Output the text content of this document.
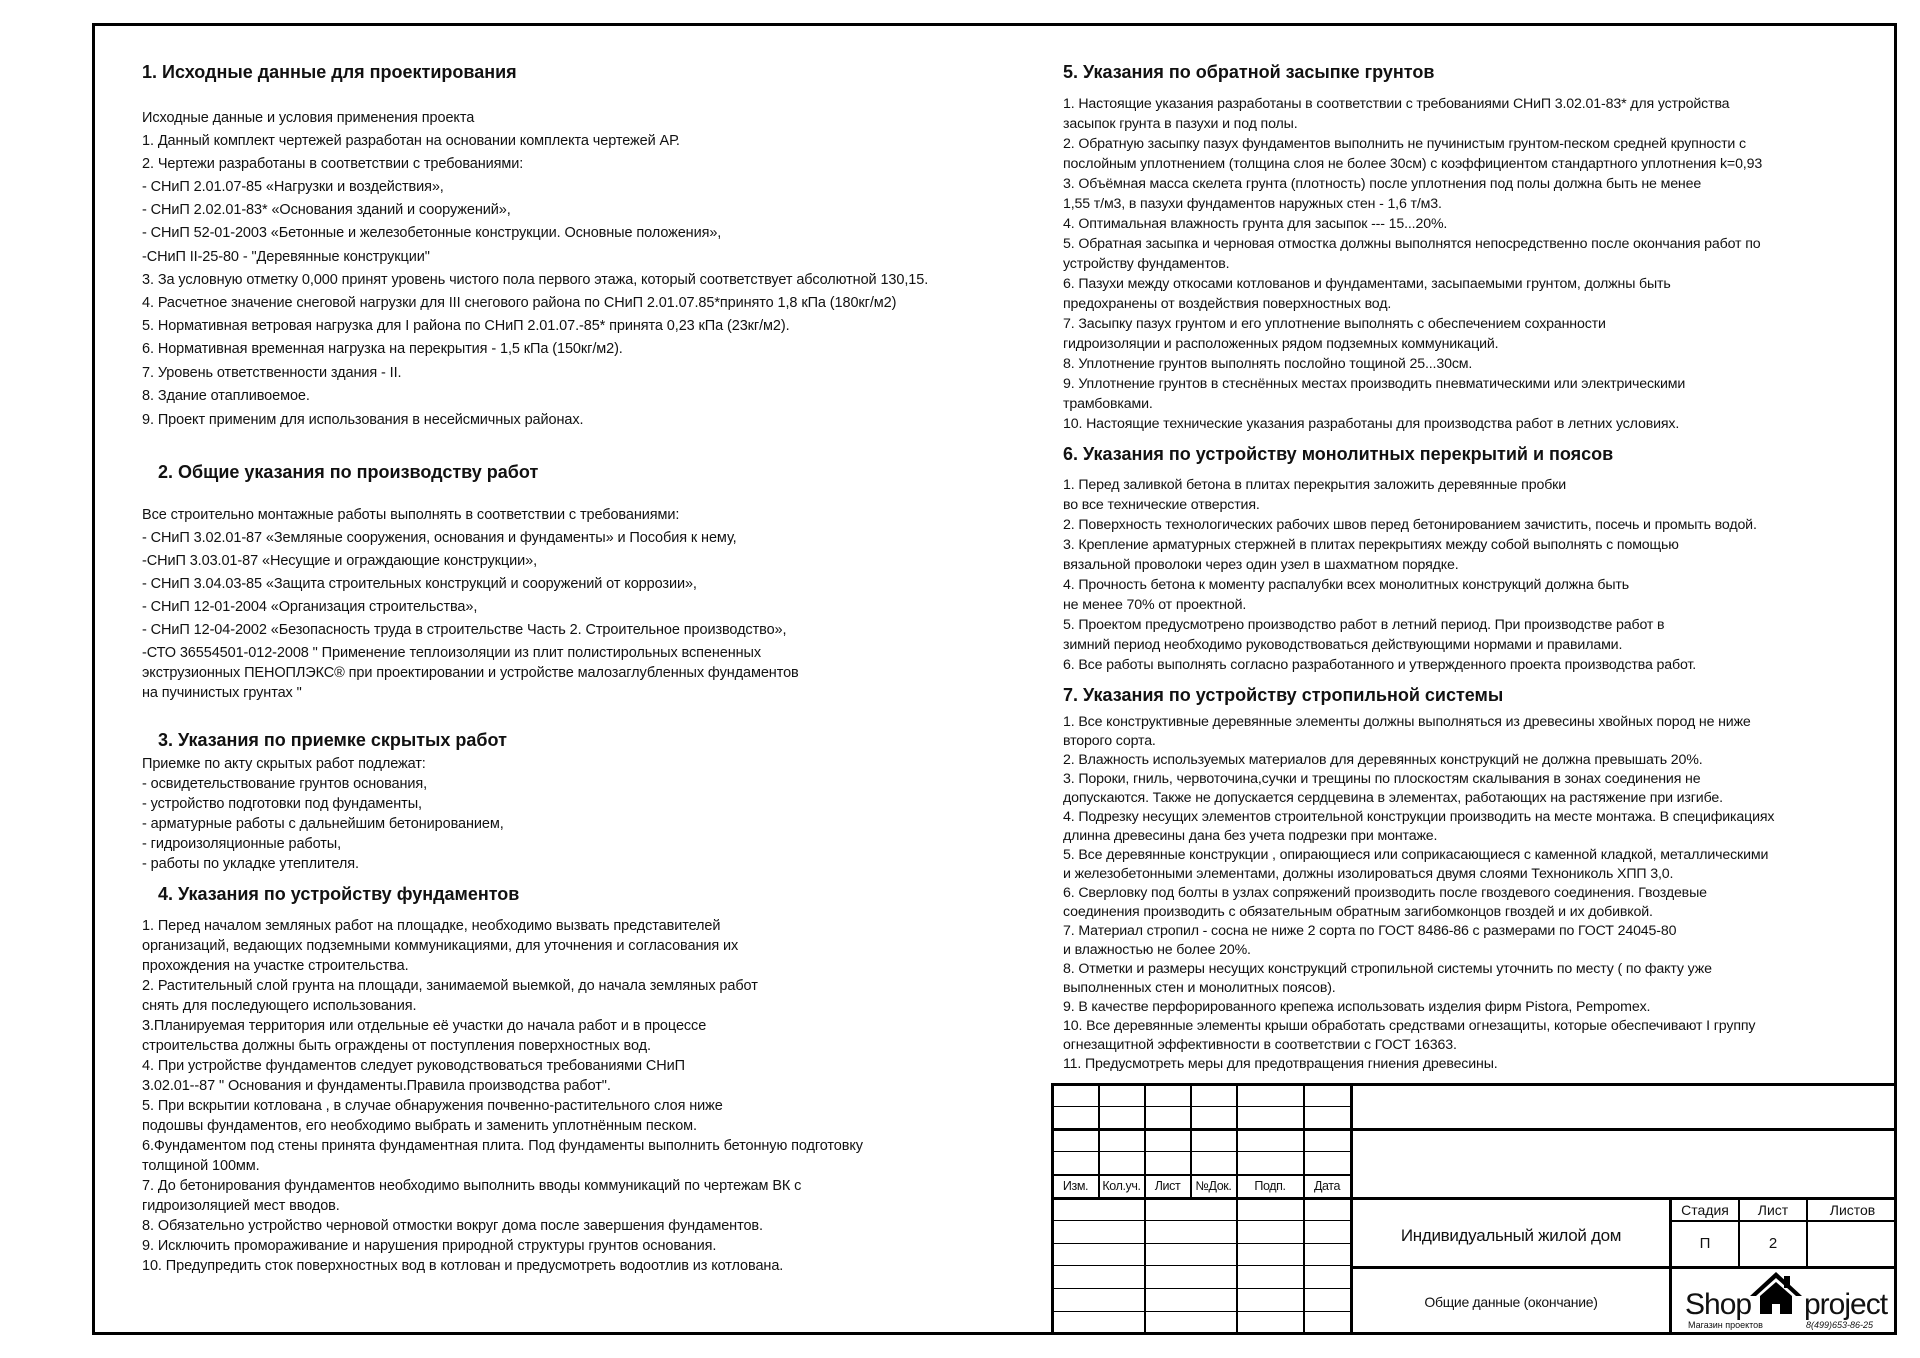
1. Исходные данные для проектирования
Исходные данные и условия применения проекта
1. Данный комплект чертежей разработан на основании комплекта чертежей АР.
2. Чертежи разработаны в соответствии с требованиями:
- СНиП 2.01.07-85 «Нагрузки и воздействия»,
- СНиП 2.02.01-83* «Основания зданий и сооружений»,
- СНиП 52-01-2003 «Бетонные и железобетонные конструкции. Основные положения»,
-СНиП II-25-80 - "Деревянные конструкции"
3. За условную отметку 0,000 принят уровень чистого пола первого этажа, который соответствует абсолютной 130,15.
4. Расчетное значение снеговой нагрузки для III снегового района по СНиП 2.01.07.85*принято 1,8 кПа (180кг/м2)
5. Нормативная ветровая нагрузка для I района по СНиП 2.01.07.-85* принята 0,23 кПа (23кг/м2).
6. Нормативная временная нагрузка на перекрытия - 1,5 кПа (150кг/м2).
7. Уровень ответственности здания - II.
8. Здание отапливоемое.
9. Проект применим для использования в несейсмичных районах.
2. Общие указания по производству работ
Все строительно монтажные работы выполнять в соответствии с требованиями:
- СНиП 3.02.01-87 «Земляные сооружения, основания и фундаменты» и Пособия к нему,
-СНиП 3.03.01-87 «Несущие и ограждающие конструкции»,
- СНиП 3.04.03-85 «Защита строительных конструкций и сооружений от коррозии»,
- СНиП 12-01-2004 «Организация строительства»,
- СНиП 12-04-2002 «Безопасность труда в строительстве Часть 2. Строительное производство»,
-СТО 36554501-012-2008 " Применение теплоизоляции из плит полистирольных вспененных
экструзионных ПЕНОПЛЭКС® при проектировании и устройстве малозаглубленных фундаментов
на пучинистых грунтах "
3. Указания по приемке скрытых работ
Приемке по акту скрытых работ подлежат:
- освидетельствование грунтов основания,
- устройство подготовки под фундаменты,
- арматурные работы с дальнейшим бетонированием,
- гидроизоляционные работы,
- работы по укладке утеплителя.
4. Указания по устройству фундаментов
1. Перед началом земляных работ на площадке, необходимо вызвать представителей
организаций, ведающих подземными коммуникациями, для уточнения и согласования их
прохождения на участке строительства.
2. Растительный слой грунта на площади, занимаемой выемкой, до начала земляных работ
снять для последующего использования.
3.Планируемая территория или отдельные её участки до начала работ и в процессе
строительства должны быть ограждены от поступления поверхностных вод.
4. При устройстве фундаментов следует руководствоваться требованиями СНиП
3.02.01--87 " Основания и фундаменты.Правила производства работ".
5. При вскрытии котлована , в случае обнаружения почвенно-растительного слоя ниже
подошвы фундаментов, его необходимо выбрать и заменить уплотнённым песком.
6.Фундаментом под стены принята фундаментная плита. Под фундаменты выполнить бетонную подготовку
толщиной 100мм.
7. До бетонирования фундаментов необходимо выполнить вводы коммуникаций по чертежам ВК с
гидроизоляцией мест вводов.
8. Обязательно устройство черновой отмостки вокруг дома после завершения фундаментов.
9. Исключить промораживание и нарушения природной структуры грунтов основания.
10. Предупредить сток поверхностных вод в котлован и предусмотреть водоотлив из котлована.
5. Указания по обратной засыпке грунтов
1. Настоящие указания разработаны в соответствии с требованиями СНиП 3.02.01-83* для устройства
засыпок грунта в пазухи и под полы.
2. Обратную засыпку пазух фундаментов выполнить не пучинистым грунтом-песком средней крупности с
послойным уплотнением (толщина слоя не более 30см) с коэффициентом стандартного уплотнения k=0,93
3. Объёмная масса скелета грунта (плотность) после уплотнения под полы должна быть не менее
1,55 т/м3, в пазухи фундаментов наружных стен - 1,6 т/м3.
4. Оптимальная влажность грунта для засыпок --- 15...20%.
5. Обратная засыпка и черновая отмостка должны выполнятся непосредственно после окончания работ по
устройству фундаментов.
6. Пазухи между откосами котлованов и фундаментами, засыпаемыми грунтом, должны быть
предохранены от воздействия поверхностных вод.
7. Засыпку пазух грунтом и его уплотнение выполнять с обеспечением сохранности
гидроизоляции и расположенных рядом подземных коммуникаций.
8. Уплотнение грунтов выполнять послойно тощиной 25...30см.
9. Уплотнение грунтов в стеснённых местах производить пневматическими или электрическими
трамбовками.
10. Настоящие технические указания разработаны для производства работ в летних условиях.
6. Указания по устройству монолитных перекрытий и поясов
1. Перед заливкой бетона в плитах перекрытия заложить деревянные пробки
во все технические отверстия.
2. Поверхность технологических рабочих швов перед бетонированием зачистить, посечь и промыть водой.
3. Крепление арматурных стержней в плитах перекрытиях между собой выполнять с помощью
вязальной проволоки через один узел в шахматном порядке.
4. Прочность бетона к моменту распалубки всех монолитных конструкций должна быть
не менее 70% от проектной.
5. Проектом предусмотрено производство работ в летний период. При производстве работ в
зимний период необходимо руководствоваться действующими нормами и правилами.
6. Все работы выполнять согласно разработанного и утвержденного проекта производства работ.
7. Указания по устройству стропильной системы
1. Все конструктивные деревянные элементы должны выполняться из древесины хвойных пород не ниже
второго сорта.
2. Влажность используемых материалов для деревянных конструкций не должна превышать 20%.
3. Пороки, гниль, червоточина,сучки и трещины по плоскостям скалывания в зонах соединения не
допускаются. Также не допускается сердцевина в элементах, работающих на растяжение при изгибе.
4. Подрезку несущих элементов строительной конструкции производить на месте монтажа. В спецификациях
длинна древесины дана без учета подрезки при монтаже.
5. Все деревянные конструкции , опирающиеся или соприкасающиеся с каменной кладкой, металлическими
и железобетонными элементами, должны изолироваться двумя слоями Технониколь ХПП 3,0.
6. Сверловку под болты в узлах сопряжений производить после гвоздевого соединения. Гвоздевые
соединения производить с обязательным обратным загибомконцов гвоздей и их добивкой.
7. Материал стропил - сосна не ниже 2 сорта по ГОСТ 8486-86 с размерами по ГОСТ 24045-80
и влажностью не более 20%.
8. Отметки и размеры несущих конструкций стропильной системы уточнить по месту ( по факту уже
выполненных стен и монолитных поясов).
9. В качестве перфорированного крепежа использовать изделия фирм Pistora, Pempomex.
10. Все деревянные элементы крыши обработать средствами огнезащиты, которые обеспечивают I группу
огнезащитной эффективности в соответствии с ГОСТ 16363.
11. Предусмотреть меры для предотвращения гниения древесины.
Изм.	Кол.уч.	Лист	№Док.	Подп.	Дата
Индивидуальный жилой дом
Общие данные (окончание)
Стадия	Лист	Листов
П	2
Shop project
Магазин проектов	8(499)653-86-25
